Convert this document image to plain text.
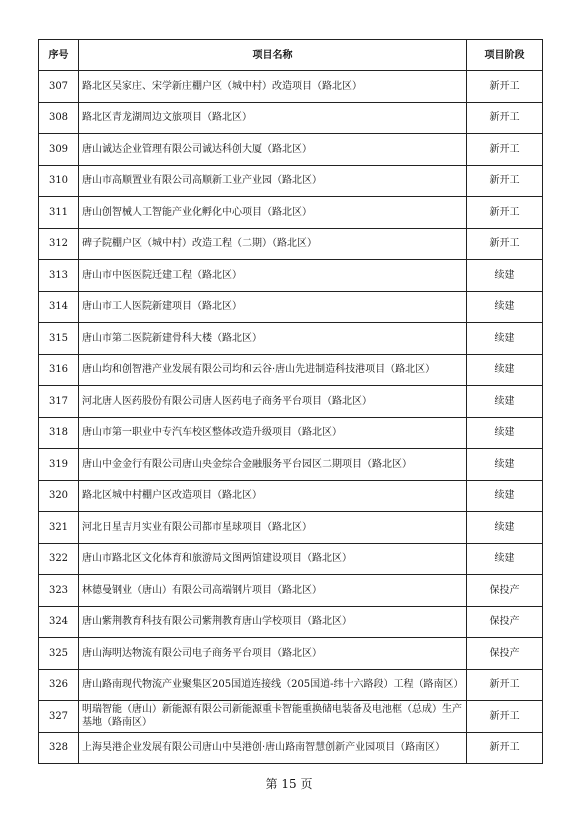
序号	项目名称	项目阶段
307	路北区吴家庄、宋学新庄棚户区（城中村）改造项目（路北区）	新开工
308	路北区青龙湖周边文旅项目（路北区）	新开工
309	唐山诚达企业管理有限公司诚达科创大厦（路北区）	新开工
310	唐山市高顺置业有限公司高顺新工业产业园（路北区）	新开工
311	唐山创智械人工智能产业化孵化中心项目（路北区）	新开工
312	碑子院棚户区（城中村）改造工程（二期）（路北区）	新开工
313	唐山市中医医院迁建工程（路北区）	续建
314	唐山市工人医院新建项目（路北区）	续建
315	唐山市第二医院新建骨科大楼（路北区）	续建
316	唐山均和创智港产业发展有限公司均和云谷·唐山先进制造科技港项目（路北区）	续建
317	河北唐人医药股份有限公司唐人医药电子商务平台项目（路北区）	续建
318	唐山市第一职业中专汽车校区整体改造升级项目（路北区）	续建
319	唐山中金金行有限公司唐山央金综合金融服务平台园区二期项目（路北区）	续建
320	路北区城中村棚户区改造项目（路北区）	续建
321	河北日星吉月实业有限公司都市星球项目（路北区）	续建
322	唐山市路北区文化体育和旅游局文图两馆建设项目（路北区）	续建
323	林德曼钢业（唐山）有限公司高端钢片项目（路北区）	保投产
324	唐山紫荆教育科技有限公司紫荆教育唐山学校项目（路北区）	保投产
325	唐山海明达物流有限公司电子商务平台项目（路北区）	保投产
326	唐山路南现代物流产业聚集区205国道连接线（205国道-纬十六路段）工程（路南区）	新开工
327	明瑞智能（唐山）新能源有限公司新能源重卡智能重换储电装备及电池框（总成）生产基地（路南区）	新开工
328	上海昊港企业发展有限公司唐山中昊港创·唐山路南智慧创新产业园项目（路南区）	新开工
第 15 页
